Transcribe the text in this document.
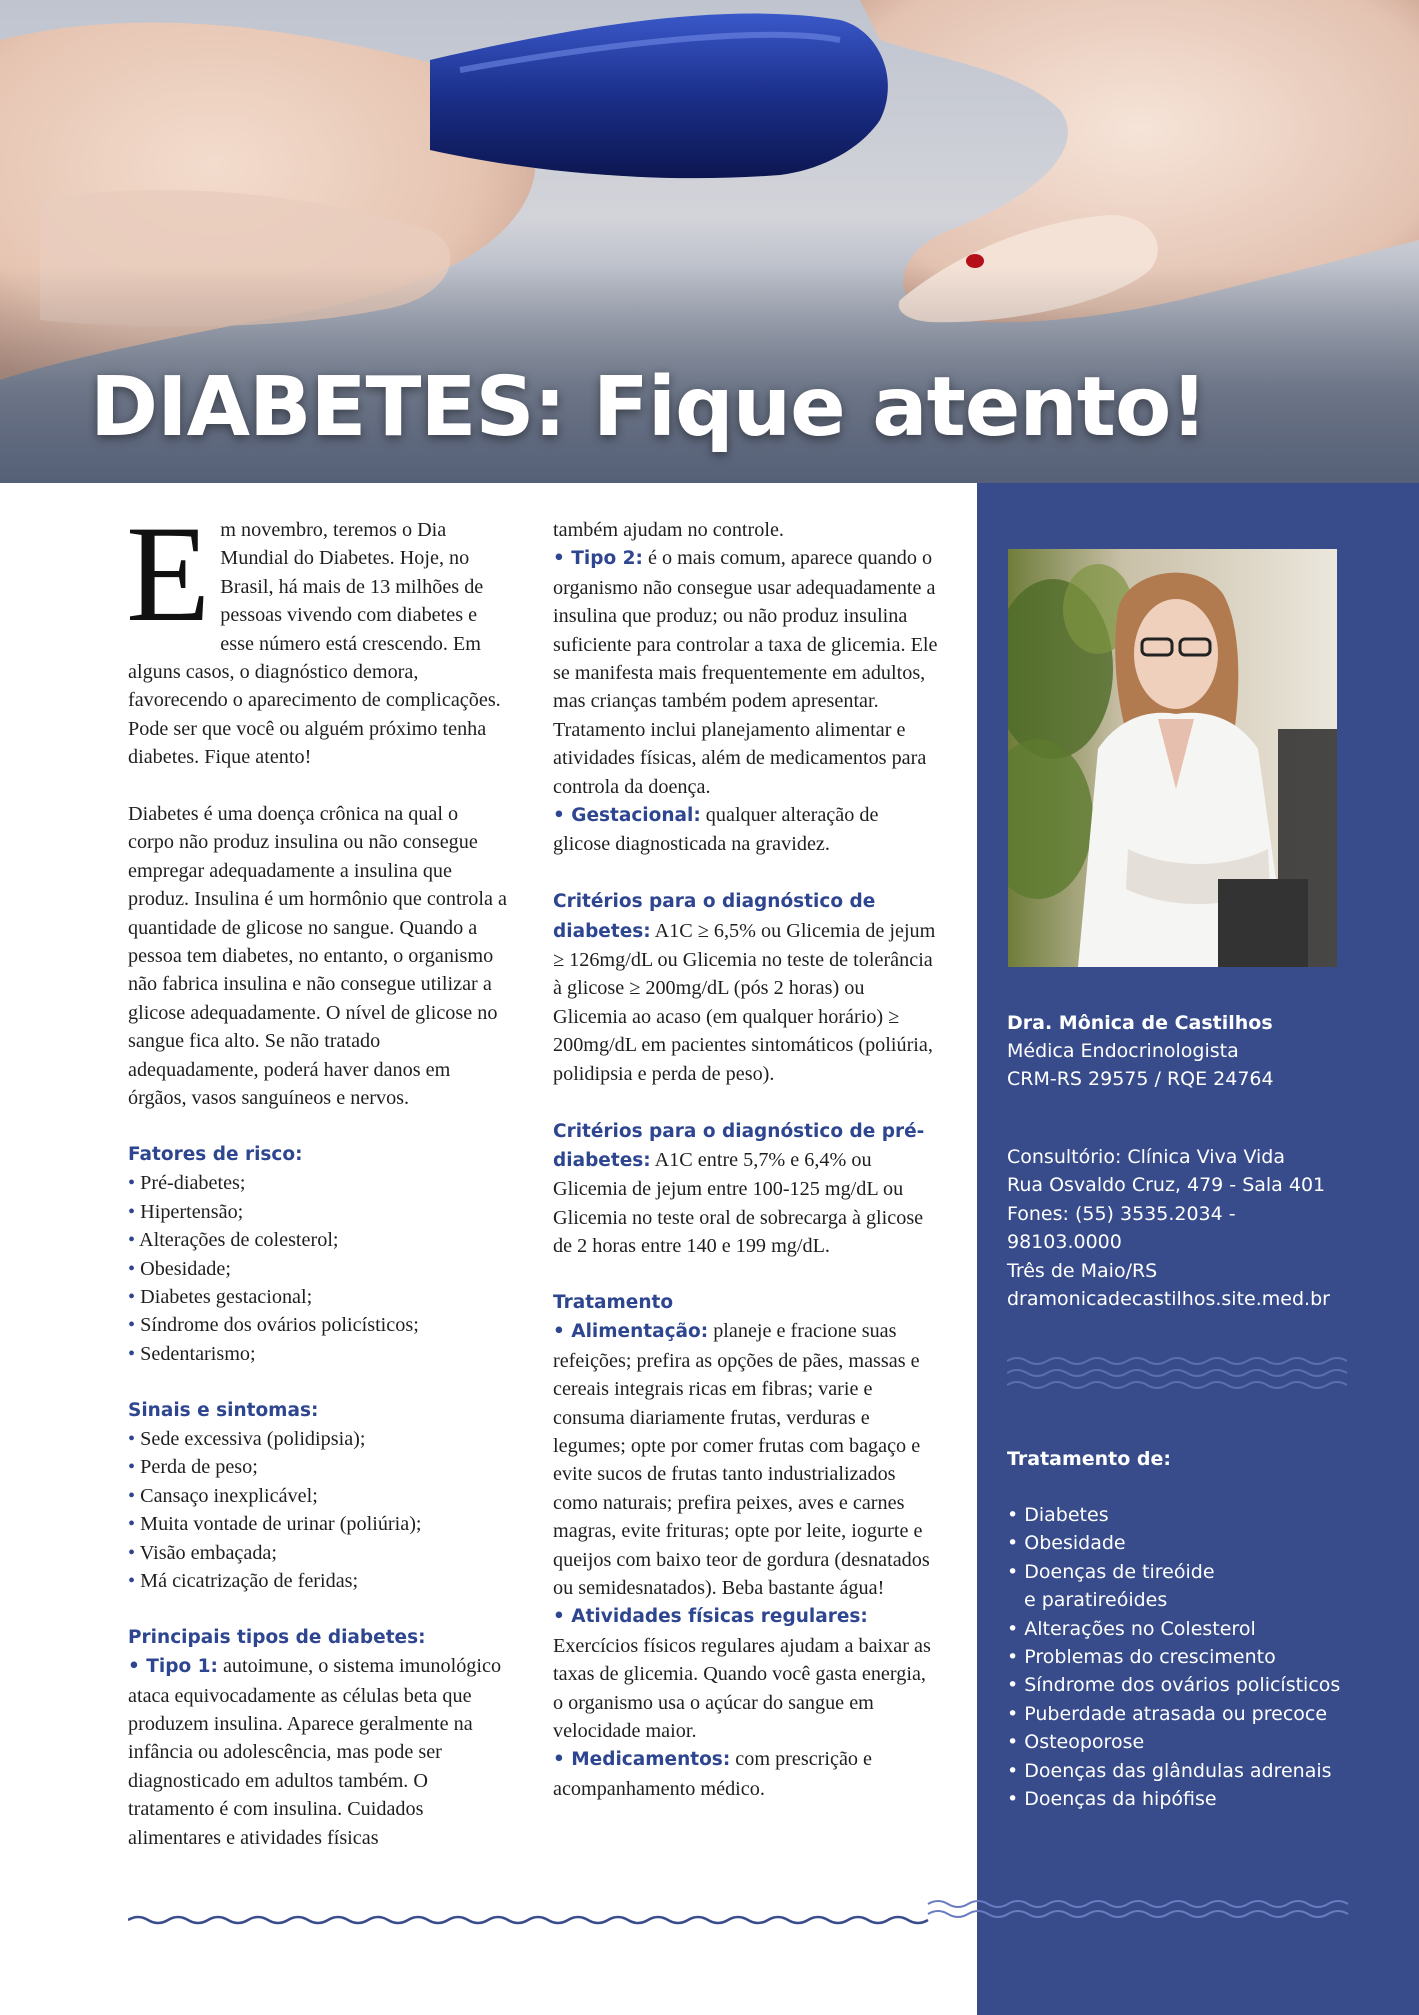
DIABETES: Fique atento!

Em novembro, teremos o Dia Mundial do Diabetes. Hoje, no Brasil, há mais de 13 milhões de pessoas vivendo com diabetes e esse número está crescendo. Em alguns casos, o diagnóstico demora, favorecendo o aparecimento de complicações. Pode ser que você ou alguém próximo tenha diabetes. Fique atento!

Diabetes é uma doença crônica na qual o corpo não produz insulina ou não consegue empregar adequadamente a insulina que produz. Insulina é um hormônio que controla a quantidade de glicose no sangue. Quando a pessoa tem diabetes, no entanto, o organismo não fabrica insulina e não consegue utilizar a glicose adequadamente. O nível de glicose no sangue fica alto. Se não tratado adequadamente, poderá haver danos em órgãos, vasos sanguíneos e nervos.

Fatores de risco:

• Pré-diabetes;
• Hipertensão;
• Alterações de colesterol;
• Obesidade;
• Diabetes gestacional;
• Síndrome dos ovários policísticos;
• Sedentarismo;

Sinais e sintomas:

• Sede excessiva (polidipsia);
• Perda de peso;
• Cansaço inexplicável;
• Muita vontade de urinar (poliúria);
• Visão embaçada;
• Má cicatrização de feridas;

Principais tipos de diabetes:

• Tipo 1: autoimune, o sistema imunológico ataca equivocadamente as células beta que produzem insulina. Aparece geralmente na infância ou adolescência, mas pode ser diagnosticado em adultos também. O tratamento é com insulina. Cuidados alimentares e atividades físicas

também ajudam no controle.

• Tipo 2: é o mais comum, aparece quando o organismo não consegue usar adequadamente a insulina que produz; ou não produz insulina suficiente para controlar a taxa de glicemia. Ele se manifesta mais frequentemente em adultos, mas crianças também podem apresentar. Tratamento inclui planejamento alimentar e atividades físicas, além de medicamentos para controla da doença.

• Gestacional: qualquer alteração de glicose diagnosticada na gravidez.

Critérios para o diagnóstico de diabetes: A1C ≥ 6,5% ou Glicemia de jejum ≥ 126mg/dL ou Glicemia no teste de tolerância à glicose ≥ 200mg/dL (pós 2 horas) ou Glicemia ao acaso (em qualquer horário) ≥ 200mg/dL em pacientes sintomáticos (poliúria, polidipsia e perda de peso).

Critérios para o diagnóstico de pré-diabetes: A1C entre 5,7% e 6,4% ou Glicemia de jejum entre 100-125 mg/dL ou Glicemia no teste oral de sobrecarga à glicose de 2 horas entre 140 e 199 mg/dL.

Tratamento

• Alimentação: planeje e fracione suas refeições; prefira as opções de pães, massas e cereais integrais ricas em fibras; varie e consuma diariamente frutas, verduras e legumes; opte por comer frutas com bagaço e evite sucos de frutas tanto industrializados como naturais; prefira peixes, aves e carnes magras, evite frituras; opte por leite, iogurte e queijos com baixo teor de gordura (desnatados ou semidesnatados). Beba bastante água!

• Atividades físicas regulares: Exercícios físicos regulares ajudam a baixar as taxas de glicemia. Quando você gasta energia, o organismo usa o açúcar do sangue em velocidade maior.

• Medicamentos: com prescrição e acompanhamento médico.

Dra. Mônica de Castilhos
Médica Endocrinologista
CRM-RS 29575 / RQE 24764
Consultório: Clínica Viva Vida
Rua Osvaldo Cruz, 479 - Sala 401
Fones: (55) 3535.2034 -
98103.0000
Três de Maio/RS
dramonicadecastilhos.site.med.br
Tratamento de:
• Diabetes
• Obesidade
• Doenças de tireóide
e paratireóides
• Alterações no Colesterol
• Problemas do crescimento
• Síndrome dos ovários policísticos
• Puberdade atrasada ou precoce
• Osteoporose
• Doenças das glândulas adrenais
• Doenças da hipófise
